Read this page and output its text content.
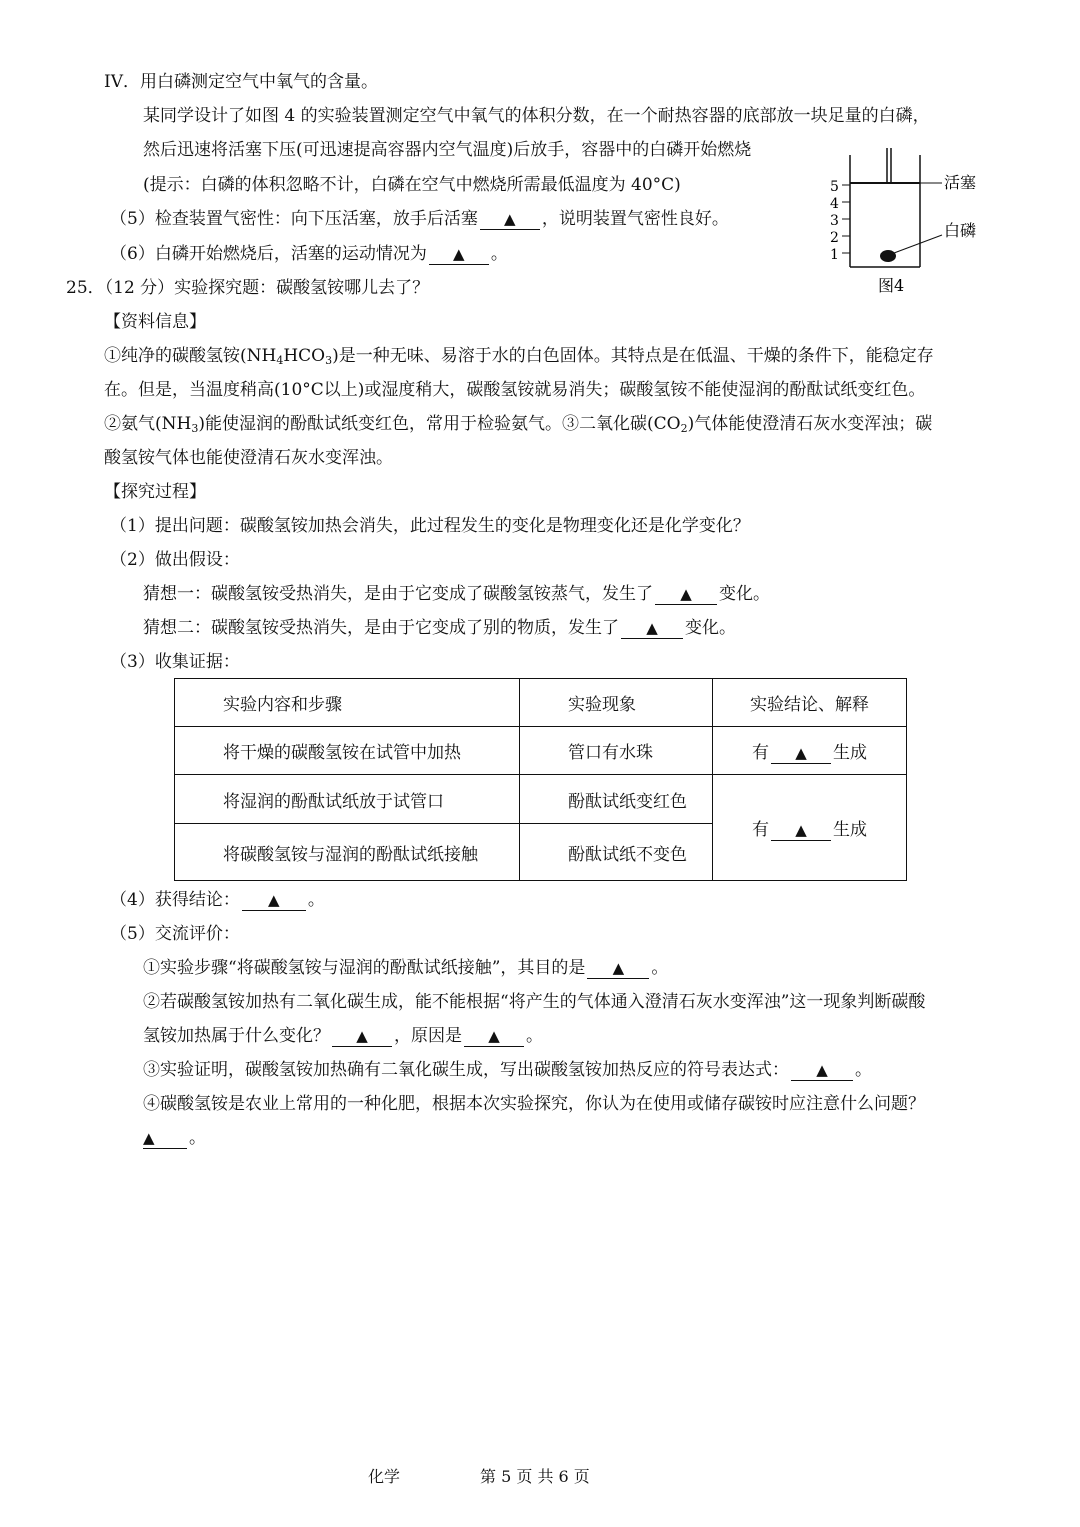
IV．用白磷测定空气中氧气的含量。
某同学设计了如图 4 的实验装置测定空气中氧气的体积分数，在一个耐热容器的底部放一块足量的白磷，
然后迅速将活塞下压(可迅速提高容器内空气温度)后放手，容器中的白磷开始燃烧
(提示：白磷的体积忽略不计，白磷在空气中燃烧所需最低温度为 40°C)
（5）检查装置气密性：向下压活塞，放手后活塞 ▲ ，说明装置气密性良好。
（6）白磷开始燃烧后，活塞的运动情况为 ▲ 。
活塞
5
4
3
2
1
白磷
图4
25．（12 分）实验探究题：碳酸氢铵哪儿去了？
【资料信息】
①纯净的碳酸氢铵$(NH_4HCO_3)$是一种无味、易溶于水的白色固体。其特点是在低温、干燥的条件下，能稳定存
在。但是，当温度稍高(10°C以上)或湿度稍大，碳酸氢铵就易消失；碳酸氢铵不能使湿润的酚酞试纸变红色。
②氨气$(NH_3)$能使湿润的酚酞试纸变红色，常用于检验氨气。③二氧化碳$(CO_2)$气体能使澄清石灰水变浑浊；碳
酸氢铵气体也能使澄清石灰水变浑浊。
【探究过程】
（1）提出问题：碳酸氢铵加热会消失，此过程发生的变化是物理变化还是化学变化？
（2）做出假设：
猜想一：碳酸氢铵受热消失，是由于它变成了碳酸氢铵蒸气，发生了 ▲ 变化。
猜想二：碳酸氢铵受热消失，是由于它变成了别的物质，发生了 ▲ 变化。
（3）收集证据：
实验内容和步骤	实验现象	实验结论、解释
将干燥的碳酸氢铵在试管中加热	管口有水珠	有 ▲ 生成
将湿润的酚酞试纸放于试管口	酚酞试纸变红色	有 ▲ 生成
将碳酸氢铵与湿润的酚酞试纸接触	酚酞试纸不变色	
（4）获得结论： ▲ 。
（5）交流评价：
①实验步骤“将碳酸氢铵与湿润的酚酞试纸接触”，其目的是 ▲ 。
②若碳酸氢铵加热有二氧化碳生成，能不能根据“将产生的气体通入澄清石灰水变浑浊”这一现象判断碳酸
氢铵加热属于什么变化？ ▲ ，原因是 ▲ 。
③实验证明，碳酸氢铵加热确有二氧化碳生成，写出碳酸氢铵加热反应的符号表达式： ▲ 。
④碳酸氢铵是农业上常用的一种化肥，根据本次实验探究，你认为在使用或储存碳铵时应注意什么问题？
▲ 。
化学	第 5 页 共 6 页
